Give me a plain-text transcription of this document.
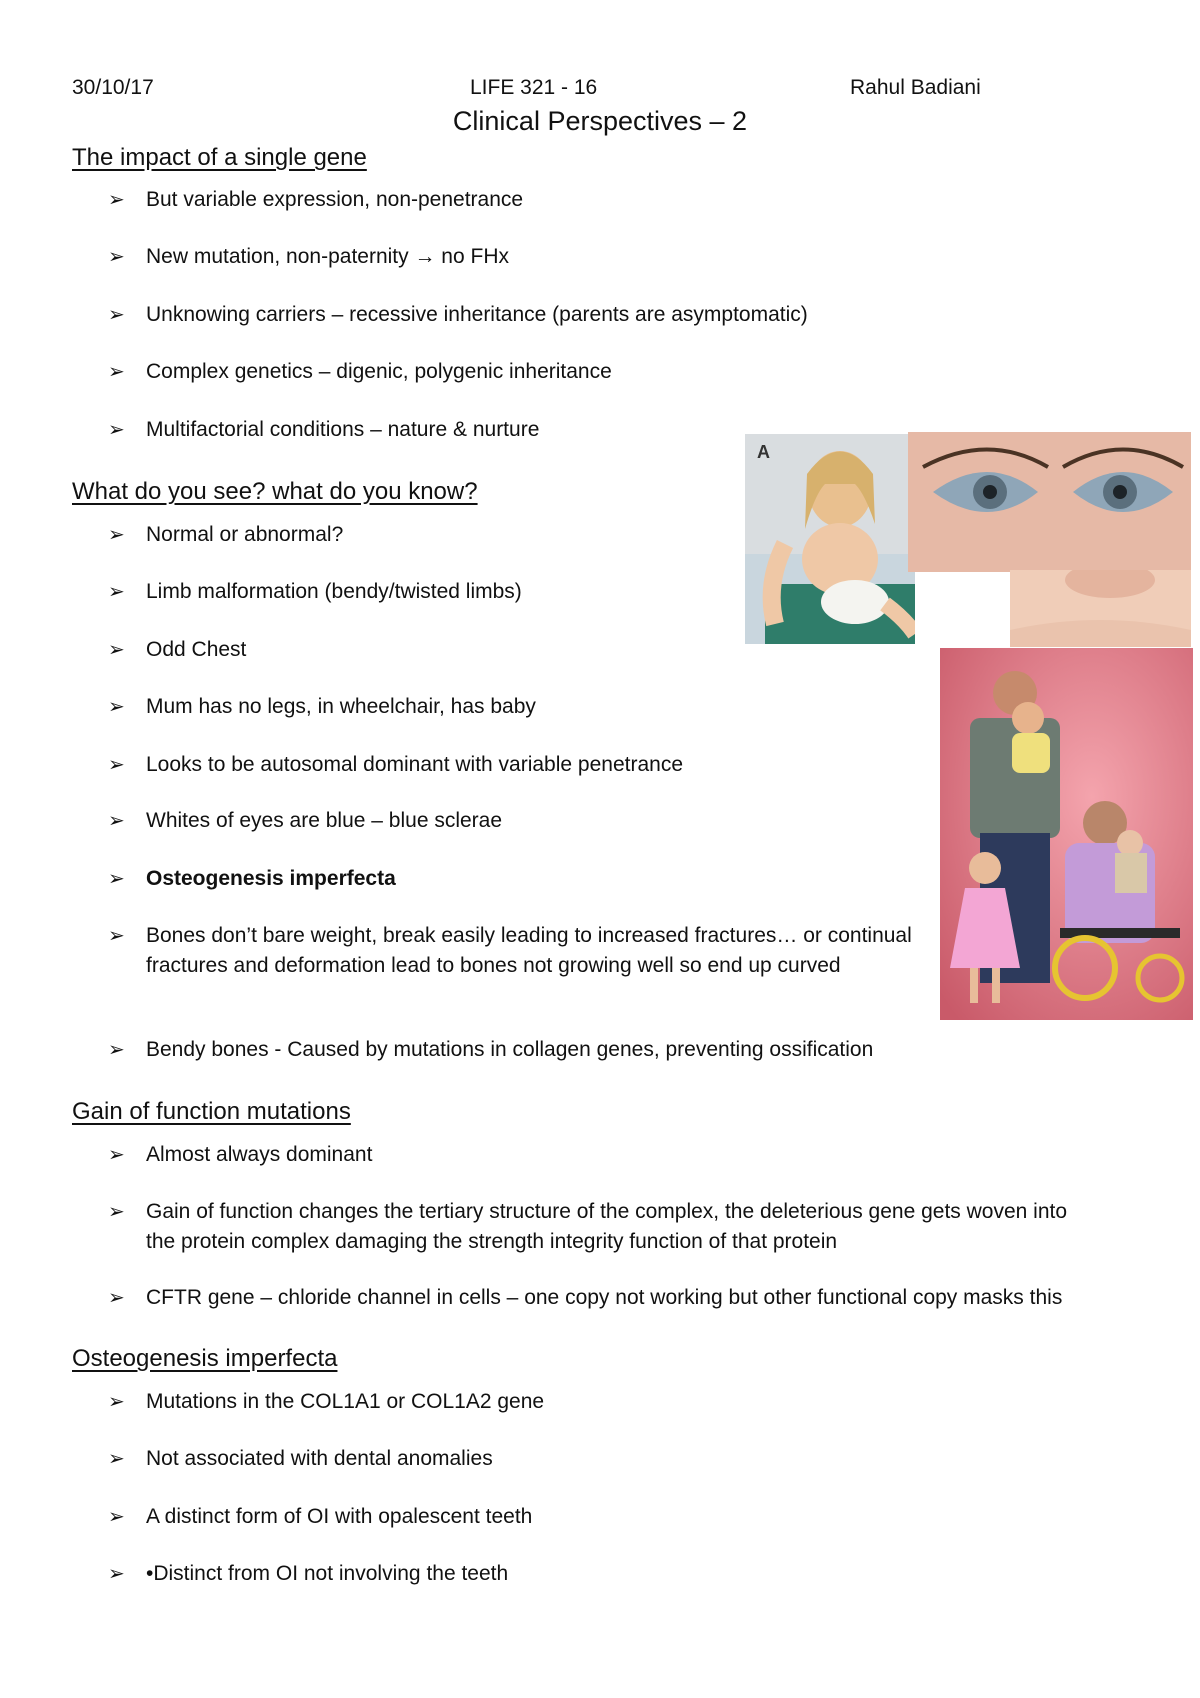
30/10/17	LIFE 321 - 16	Rahul Badiani
Clinical Perspectives – 2
The impact of a single gene
➢ But variable expression, non-penetrance
➢ New mutation, non-paternity → no FHx
➢ Unknowing carriers – recessive inheritance (parents are asymptomatic)
➢ Complex genetics – digenic, polygenic inheritance
➢ Multifactorial conditions – nature & nurture
What do you see? what do you know?
➢ Normal or abnormal?
➢ Limb malformation (bendy/twisted limbs)
➢ Odd Chest
➢ Mum has no legs, in wheelchair, has baby
➢ Looks to be autosomal dominant with variable penetrance
➢ Whites of eyes are blue – blue sclerae
➢ Osteogenesis imperfecta
➢ Bones don’t bare weight, break easily leading to increased fractures… or continual fractures and deformation lead to bones not growing well so end up curved
➢ Bendy bones - Caused by mutations in collagen genes, preventing ossification
Gain of function mutations
➢ Almost always dominant
➢ Gain of function changes the tertiary structure of the complex, the deleterious gene gets woven into the protein complex damaging the strength integrity function of that protein
➢ CFTR gene – chloride channel in cells – one copy not working but other functional copy masks this
Osteogenesis imperfecta
➢ Mutations in the COL1A1 or COL1A2 gene
➢ Not associated with dental anomalies
➢ A distinct form of OI with opalescent teeth
➢ •Distinct from OI not involving the teeth
A
